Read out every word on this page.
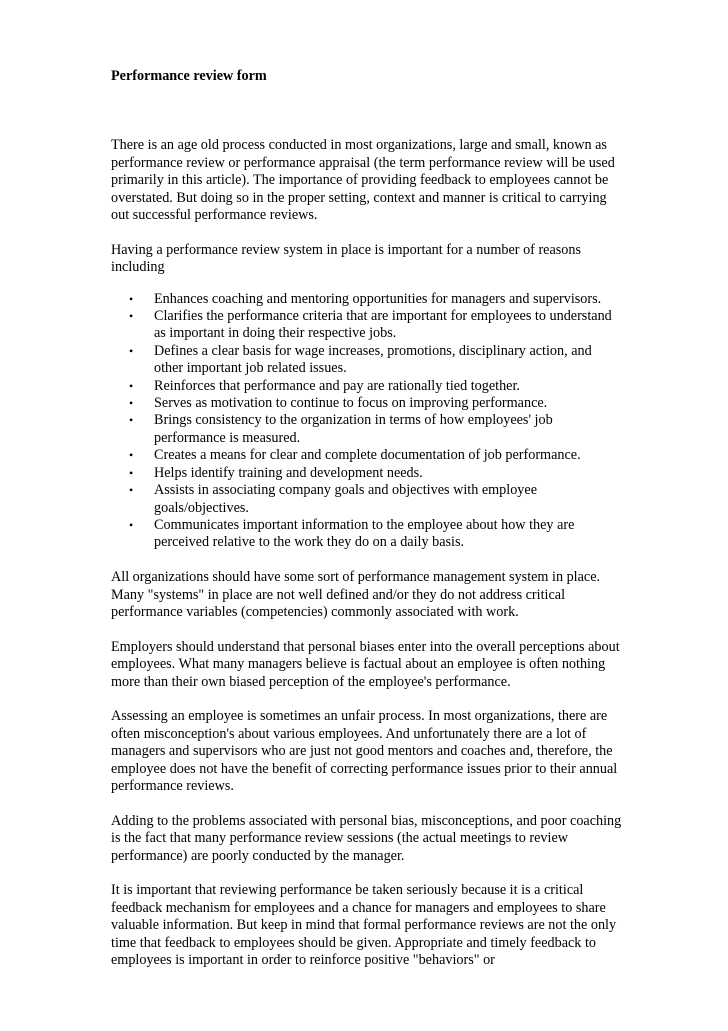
Performance review form

There is an age old process conducted in most organizations, large and small, known as performance review or performance appraisal (the term performance review will be used primarily in this article). The importance of providing feedback to employees cannot be overstated. But doing so in the proper setting, context and manner is critical to carrying out successful performance reviews.

Having a performance review system in place is important for a number of reasons including

• Enhances coaching and mentoring opportunities for managers and supervisors.
• Clarifies the performance criteria that are important for employees to understand as important in doing their respective jobs.
• Defines a clear basis for wage increases, promotions, disciplinary action, and other important job related issues.
• Reinforces that performance and pay are rationally tied together.
• Serves as motivation to continue to focus on improving performance.
• Brings consistency to the organization in terms of how employees' job performance is measured.
• Creates a means for clear and complete documentation of job performance.
• Helps identify training and development needs.
• Assists in associating company goals and objectives with employee goals/objectives.
• Communicates important information to the employee about how they are perceived relative to the work they do on a daily basis.

All organizations should have some sort of performance management system in place. Many "systems" in place are not well defined and/or they do not address critical performance variables (competencies) commonly associated with work.

Employers should understand that personal biases enter into the overall perceptions about employees. What many managers believe is factual about an employee is often nothing more than their own biased perception of the employee's performance.

Assessing an employee is sometimes an unfair process. In most organizations, there are often misconception's about various employees. And unfortunately there are a lot of managers and supervisors who are just not good mentors and coaches and, therefore, the employee does not have the benefit of correcting performance issues prior to their annual performance reviews.

Adding to the problems associated with personal bias, misconceptions, and poor coaching is the fact that many performance review sessions (the actual meetings to review performance) are poorly conducted by the manager.

It is important that reviewing performance be taken seriously because it is a critical feedback mechanism for employees and a chance for managers and employees to share valuable information. But keep in mind that formal performance reviews are not the only time that feedback to employees should be given. Appropriate and timely feedback to employees is important in order to reinforce positive "behaviors" or
